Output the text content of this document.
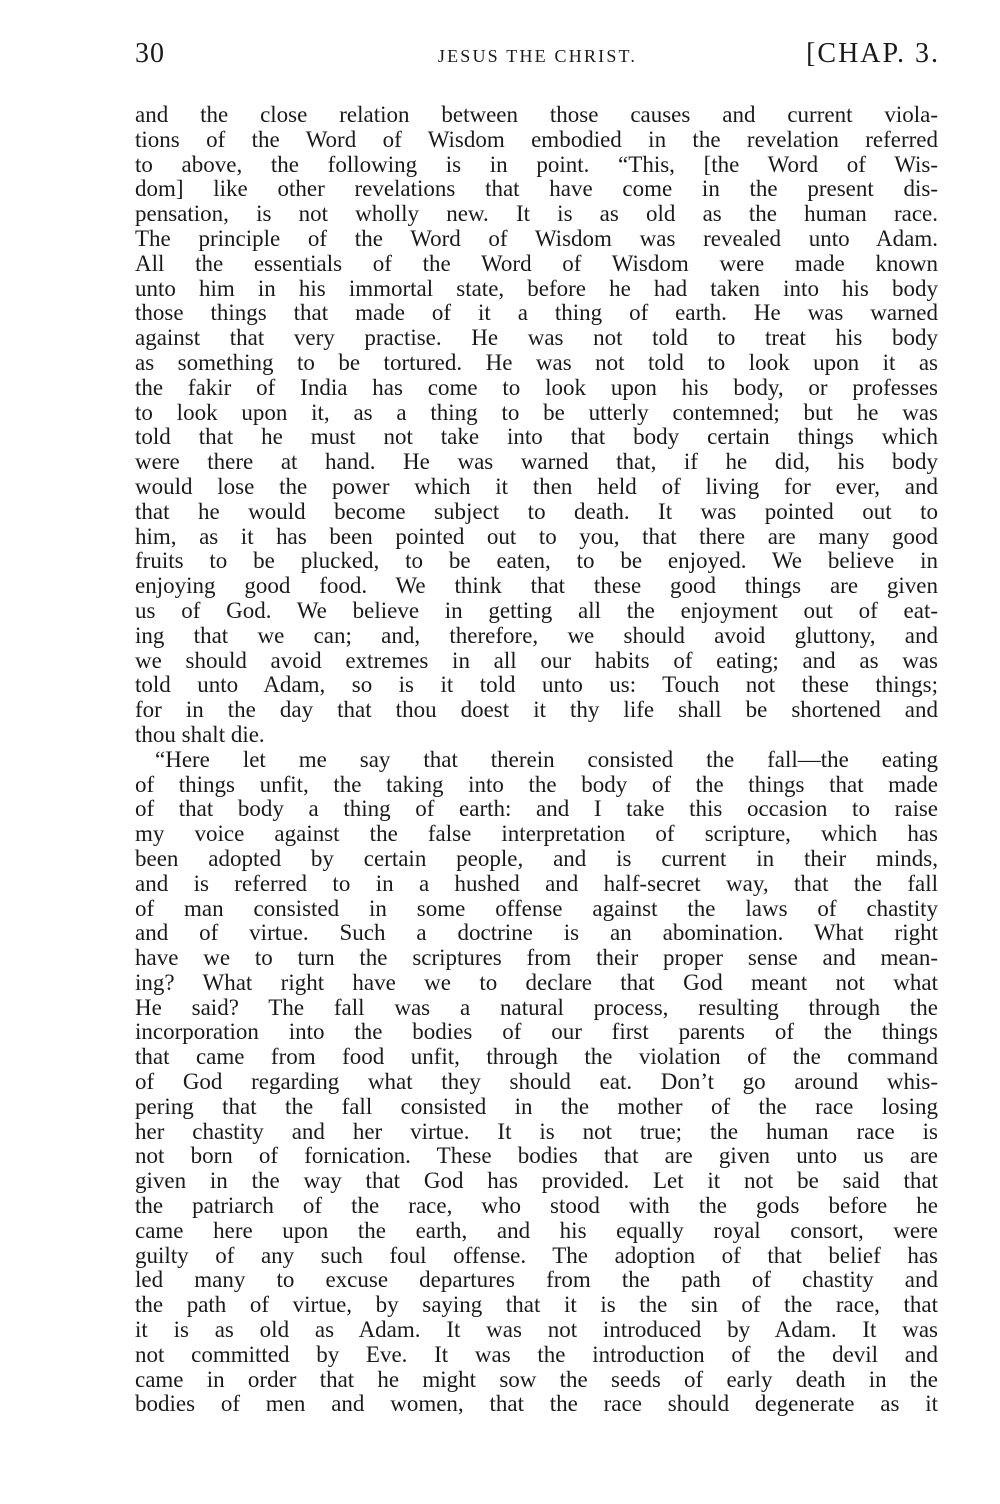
30	JESUS THE CHRIST.	[CHAP. 3.
and the close relation between those causes and current viola-
tions of the Word of Wisdom embodied in the revelation referred
to above, the following is in point. “This, [the Word of Wis-
dom] like other revelations that have come in the present dis-
pensation, is not wholly new. It is as old as the human race.
The principle of the Word of Wisdom was revealed unto Adam.
All the essentials of the Word of Wisdom were made known
unto him in his immortal state, before he had taken into his body
those things that made of it a thing of earth. He was warned
against that very practise. He was not told to treat his body
as something to be tortured. He was not told to look upon it as
the fakir of India has come to look upon his body, or professes
to look upon it, as a thing to be utterly contemned; but he was
told that he must not take into that body certain things which
were there at hand. He was warned that, if he did, his body
would lose the power which it then held of living for ever, and
that he would become subject to death. It was pointed out to
him, as it has been pointed out to you, that there are many good
fruits to be plucked, to be eaten, to be enjoyed. We believe in
enjoying good food. We think that these good things are given
us of God. We believe in getting all the enjoyment out of eat-
ing that we can; and, therefore, we should avoid gluttony, and
we should avoid extremes in all our habits of eating; and as was
told unto Adam, so is it told unto us: Touch not these things;
for in the day that thou doest it thy life shall be shortened and
thou shalt die.
“Here let me say that therein consisted the fall—the eating
of things unfit, the taking into the body of the things that made
of that body a thing of earth: and I take this occasion to raise
my voice against the false interpretation of scripture, which has
been adopted by certain people, and is current in their minds,
and is referred to in a hushed and half-secret way, that the fall
of man consisted in some offense against the laws of chastity
and of virtue. Such a doctrine is an abomination. What right
have we to turn the scriptures from their proper sense and mean-
ing? What right have we to declare that God meant not what
He said? The fall was a natural process, resulting through the
incorporation into the bodies of our first parents of the things
that came from food unfit, through the violation of the command
of God regarding what they should eat. Don’t go around whis-
pering that the fall consisted in the mother of the race losing
her chastity and her virtue. It is not true; the human race is
not born of fornication. These bodies that are given unto us are
given in the way that God has provided. Let it not be said that
the patriarch of the race, who stood with the gods before he
came here upon the earth, and his equally royal consort, were
guilty of any such foul offense. The adoption of that belief has
led many to excuse departures from the path of chastity and
the path of virtue, by saying that it is the sin of the race, that
it is as old as Adam. It was not introduced by Adam. It was
not committed by Eve. It was the introduction of the devil and
came in order that he might sow the seeds of early death in the
bodies of men and women, that the race should degenerate as it
